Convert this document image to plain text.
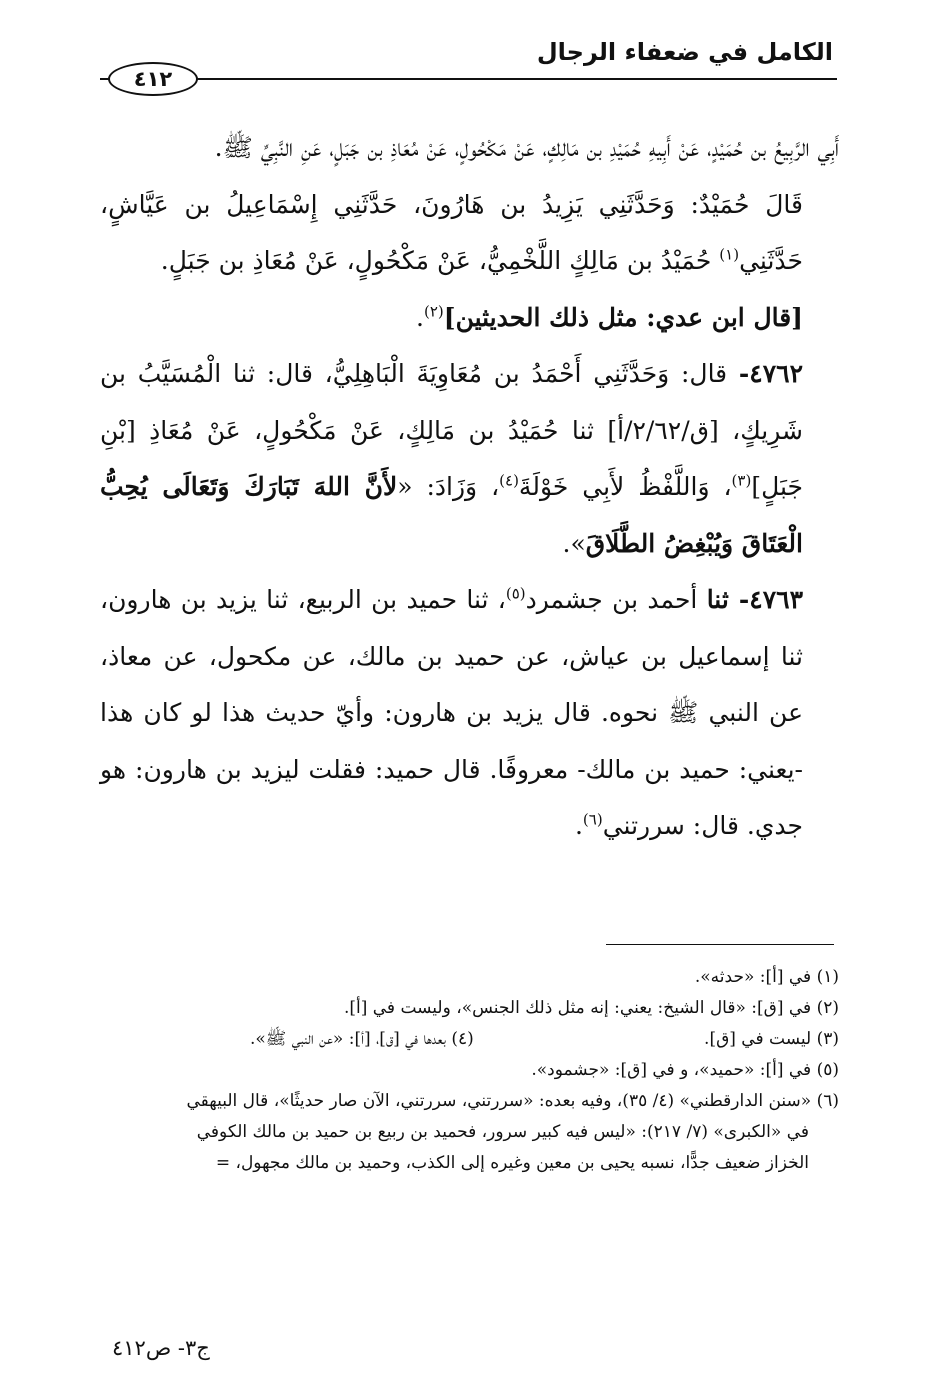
الكامل في ضعفاء الرجال
٤١٢

أَبِي الرَّبِيعُ بن حُمَيْدٍ، عَنْ أَبِيهِ حُمَيْدِ بن مَالِكٍ، عَنْ مَكْحُولٍ، عَنْ مُعَاذِ بن جَبَلٍ، عَنِ النَّبِيِّ ﷺ.

قَالَ حُمَيْدٌ: وَحَدَّثَنِي يَزِيدُ بن هَارُونَ، حَدَّثَنِي إِسْمَاعِيلُ بن عَيَّاشٍ، حَدَّثَنِي$^{(١)}$ حُمَيْدُ بن مَالِكٍ اللَّخْمِيُّ، عَنْ مَكْحُولٍ، عَنْ مُعَاذِ بن جَبَلٍ.

[قال ابن عدي: مثل ذلك الحديثين]$^{(٢)}$.

٤٧٦٢- قال: وَحَدَّثَنِي أَحْمَدُ بن مُعَاوِيَةَ الْبَاهِلِيُّ، قال: ثنا الْمُسَيَّبُ بن شَرِيكٍ، [ق/٢/٦٢/أ] ثنا حُمَيْدُ بن مَالِكٍ، عَنْ مَكْحُولٍ، عَنْ مُعَاذِ [بْنِ جَبَلٍ]$^{(٣)}$، وَاللَّفْظُ لأَبِي خَوْلَةَ$^{(٤)}$، وَزَادَ: «لأَنَّ اللهَ تَبَارَكَ وَتَعَالَى يُحِبُّ الْعَتَاقَ وَيُبْغِضُ الطَّلَاقَ».

٤٧٦٣- ثنا أحمد بن جشمرد$^{(٥)}$، ثنا حميد بن الربيع، ثنا يزيد بن هارون، ثنا إسماعيل بن عياش، عن حميد بن مالك، عن مكحول، عن معاذ، عن النبي ﷺ نحوه. قال يزيد بن هارون: وأيّ حديث هذا لو كان هذا -يعني: حميد بن مالك- معروفًا. قال حميد: فقلت ليزيد بن هارون: هو جدي. قال: سررتني$^{(٦)}$.

(١) في [أ]: «حدثه».

(٢) في [ق]: «قال الشيخ: يعني: إنه مثل ذلك الجنس»، وليست في [أ].

(٣) ليست في [ق].
(٤) بعدها في [ق]، [أ]: «عن النبي ﷺ».

(٥) في [أ]: «حميد»، و في [ق]: «جشمود».

(٦) «سنن الدارقطني» (٤/ ٣٥)، وفيه بعده: «سررتني، سررتني، الآن صار حديثًا»، قال البيهقي

في «الكبرى» (٧/ ٢١٧): «ليس فيه كبير سرور، فحميد بن ربيع بن حميد بن مالك الكوفي

الخزاز ضعيف جدًّا، نسبه يحيى بن معين وغيره إلى الكذب، وحميد بن مالك مجهول، =

ج٣- ص٤١٢
